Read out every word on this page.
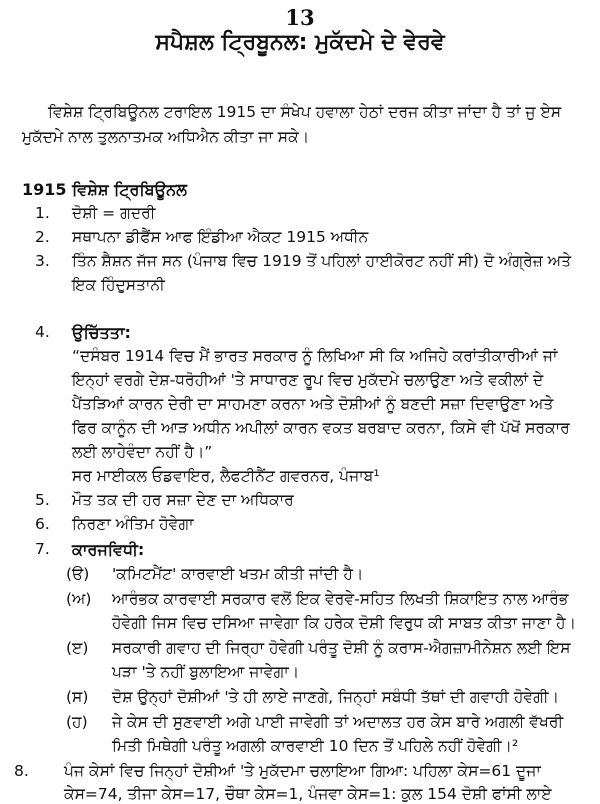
13
ਸਪੈਸ਼ਲ ਟ੍ਰਿਬੂਨਲ: ਮੁਕੱਦਮੇ ਦੇ ਵੇਰਵੇ
ਵਿਸ਼ੇਸ਼ ਟ੍ਰਿਬਿਊਨਲ ਟਰਾਇਲ 1915 ਦਾ ਸੰਖੇਪ ਹਵਾਲਾ ਹੇਠਾਂ ਦਰਜ ਕੀਤਾ ਜਾਂਦਾ ਹੈ ਤਾਂ ਜੁ ਏਸ
ਮੁਕੱਦਮੇ ਨਾਲ ਤੁਲਨਾਤਮਕ ਅਧਿਐਨ ਕੀਤਾ ਜਾ ਸਕੇ।
1915 ਵਿਸ਼ੇਸ਼ ਟ੍ਰਿਬਿਊਨਲ
1. ਦੋਸ਼ੀ = ਗਦਰੀ
2. ਸਥਾਪਨਾ ਡੀਫੈਂਸ ਆਫ ਇੰਡੀਆ ਐਕਟ 1915 ਅਧੀਨ
3. ਤਿੰਨ ਸ਼ੈਸ਼ਨ ਜੱਜ ਸਨ (ਪੰਜਾਬ ਵਿਚ 1919 ਤੋਂ ਪਹਿਲਾਂ ਹਾਈਕੋਰਟ ਨਹੀਂ ਸੀ) ਦੋ ਅੰਗ੍ਰੇਜ਼ ਅਤੇ
ਇਕ ਹਿੰਦੁਸਤਾਨੀ
4. ਉਚਿੱਤਤਾ:
“ਦਸੰਬਰ 1914 ਵਿਚ ਮੈਂ ਭਾਰਤ ਸਰਕਾਰ ਨੂੰ ਲਿਖਿਆ ਸੀ ਕਿ ਅਜਿਹੇ ਕਰਾਂਤੀਕਾਰੀਆਂ ਜਾਂ
ਇਨ੍ਹਾਂ ਵਰਗੇ ਦੇਸ਼-ਧਰੋਹੀਆਂ 'ਤੇ ਸਾਧਾਰਣ ਰੂਪ ਵਿਚ ਮੁਕੱਦਮੇ ਚਲਾਉਣਾ ਅਤੇ ਵਕੀਲਾਂ ਦੇ
ਪੈਂਤੜਿਆਂ ਕਾਰਨ ਦੇਰੀ ਦਾ ਸਾਹਮਣਾ ਕਰਨਾ ਅਤੇ ਦੋਸ਼ੀਆਂ ਨੂੰ ਬਣਦੀ ਸਜ਼ਾ ਦਿਵਾਉਣਾ ਅਤੇ
ਫਿਰ ਕਾਨੂੰਨ ਦੀ ਆੜ ਅਧੀਨ ਅਪੀਲਾਂ ਕਾਰਨ ਵਕਤ ਬਰਬਾਦ ਕਰਨਾ, ਕਿਸੇ ਵੀ ਪੱਖੋਂ ਸਰਕਾਰ
ਲਈ ਲਾਹੇਵੰਦਾ ਨਹੀਂ ਹੈ।”
ਸਰ ਮਾਈਕਲ ਓਡਵਾਇਰ, ਲੈਫਟੀਨੈਂਟ ਗਵਰਨਰ, ਪੰਜਾਬ¹
5. ਮੌਤ ਤਕ ਦੀ ਹਰ ਸਜ਼ਾ ਦੇਣ ਦਾ ਅਧਿਕਾਰ
6. ਨਿਰਣਾ ਅੰਤਿਮ ਹੋਵੇਗਾ
7. ਕਾਰਜਵਿਧੀ:
(ੳ) 'ਕਮਿਟਮੈਂਟ' ਕਾਰਵਾਈ ਖਤਮ ਕੀਤੀ ਜਾਂਦੀ ਹੈ।
(ਅ) ਆਰੰਭਕ ਕਾਰਵਾਈ ਸਰਕਾਰ ਵਲੋਂ ਇਕ ਵੇਰਵੇ-ਸਹਿਤ ਲਿਖਤੀ ਸ਼ਿਕਾਇਤ ਨਾਲ ਆਰੰਭ
ਹੋਵੇਗੀ ਜਿਸ ਵਿਚ ਦਸਿਆ ਜਾਵੇਗਾ ਕਿ ਹਰੇਕ ਦੋਸ਼ੀ ਵਿਰੁਧ ਕੀ ਸਾਬਤ ਕੀਤਾ ਜਾਣਾ ਹੈ।
(ੲ) ਸਰਕਾਰੀ ਗਵਾਹ ਦੀ ਜਿਰ੍ਹਾ ਹੋਵੇਗੀ ਪਰੰਤੂ ਦੋਸ਼ੀ ਨੂੰ ਕਰਾਸ-ਐਗਜ਼ਾਮੀਨੇਸ਼ਨ ਲਈ ਇਸ
ਪੜਾ 'ਤੇ ਨਹੀਂ ਬੁਲਾਇਆ ਜਾਵੇਗਾ।
(ਸ) ਦੋਸ਼ ਉਨ੍ਹਾਂ ਦੋਸ਼ੀਆਂ 'ਤੇ ਹੀ ਲਾਏ ਜਾਣਗੇ, ਜਿਨ੍ਹਾਂ ਸਬੰਧੀ ਤੱਥਾਂ ਦੀ ਗਵਾਹੀ ਹੋਵੇਗੀ।
(ਹ) ਜੇ ਕੇਸ ਦੀ ਸੁਣਵਾਈ ਅਗੇ ਪਾਈ ਜਾਵੇਗੀ ਤਾਂ ਅਦਾਲਤ ਹਰ ਕੇਸ ਬਾਰੇ ਅਗਲੀ ਵੱਖਰੀ
ਮਿਤੀ ਮਿਥੇਗੀ ਪਰੰਤੂ ਅਗਲੀ ਕਾਰਵਾਈ 10 ਦਿਨ ਤੋਂ ਪਹਿਲੇ ਨਹੀਂ ਹੋਵੇਗੀ।²
8. ਪੰਜ ਕੇਸਾਂ ਵਿਚ ਜਿਨ੍ਹਾਂ ਦੋਸ਼ੀਆਂ 'ਤੇ ਮੁਕੱਦਮਾ ਚਲਾਇਆ ਗਿਆ: ਪਹਿਲਾ ਕੇਸ=61 ਦੂਜਾ
ਕੇਸ=74, ਤੀਜਾ ਕੇਸ=17, ਚੌਥਾ ਕੇਸ=1, ਪੰਜਵਾ ਕੇਸ=1: ਕੁਲ 154 ਦੋਸ਼ੀ ਫਾਂਸੀ ਲਾਏ
